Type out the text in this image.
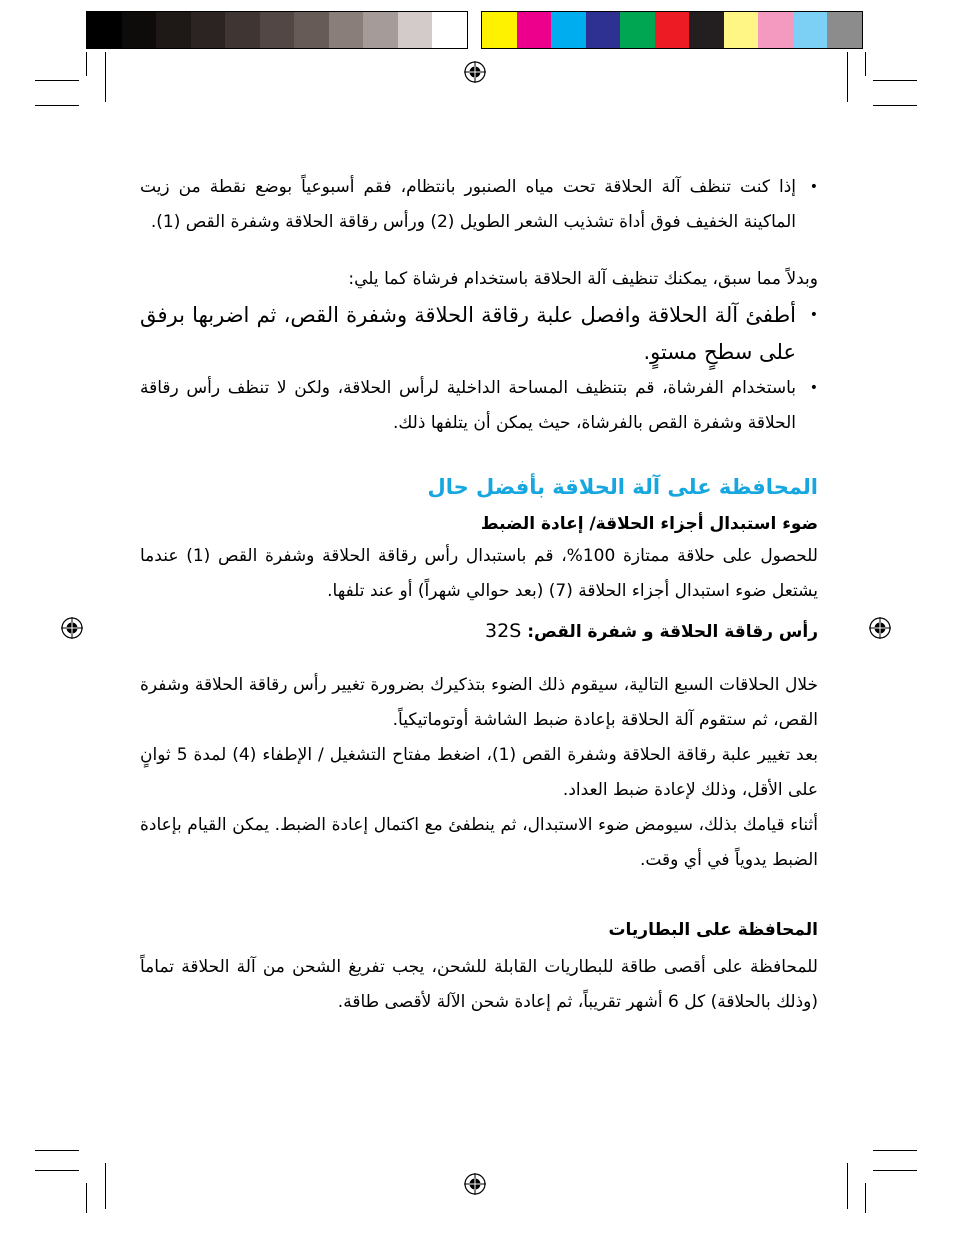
• إذا كنت تنظف آلة الحلاقة تحت مياه الصنبور بانتظام، فقم أسبوعياً بوضع نقطة من زيت الماكينة الخفيف فوق أداة تشذيب الشعر الطويل (2) ورأس رقاقة الحلاقة وشفرة القص (1).
وبدلاً مما سبق، يمكنك تنظيف آلة الحلاقة باستخدام فرشاة كما يلي:
• أطفئ آلة الحلاقة وافصل علبة رقاقة الحلاقة وشفرة القص، ثم اضربها برفق على سطحٍ مستوٍ.
• باستخدام الفرشاة، قم بتنظيف المساحة الداخلية لرأس الحلاقة، ولكن لا تنظف رأس رقاقة الحلاقة وشفرة القص بالفرشاة، حيث يمكن أن يتلفها ذلك.
المحافظة على آلة الحلاقة بأفضل حال
ضوء استبدال أجزاء الحلاقة/ إعادة الضبط
للحصول على حلاقة ممتازة 100%، قم باستبدال رأس رقاقة الحلاقة وشفرة القص (1) عندما يشتعل ضوء استبدال أجزاء الحلاقة (7) (بعد حوالي شهراً) أو عند تلفها.
رأس رقاقة الحلاقة و شفرة القص: 32S
خلال الحلاقات السبع التالية، سيقوم ذلك الضوء بتذكيرك بضرورة تغيير رأس رقاقة الحلاقة وشفرة القص، ثم ستقوم آلة الحلاقة بإعادة ضبط الشاشة أوتوماتيكياً.
بعد تغيير علبة رقاقة الحلاقة وشفرة القص (1)، اضغط مفتاح التشغيل / الإطفاء (4) لمدة 5 ثوانٍ على الأقل، وذلك لإعادة ضبط العداد.
أثناء قيامك بذلك، سيومض ضوء الاستبدال، ثم ينطفئ مع اكتمال إعادة الضبط. يمكن القيام بإعادة الضبط يدوياً في أي وقت.
المحافظة على البطاريات
للمحافظة على أقصى طاقة للبطاريات القابلة للشحن، يجب تفريغ الشحن من آلة الحلاقة تماماً (وذلك بالحلاقة) كل 6 أشهر تقريباً، ثم إعادة شحن الآلة لأقصى طاقة.
